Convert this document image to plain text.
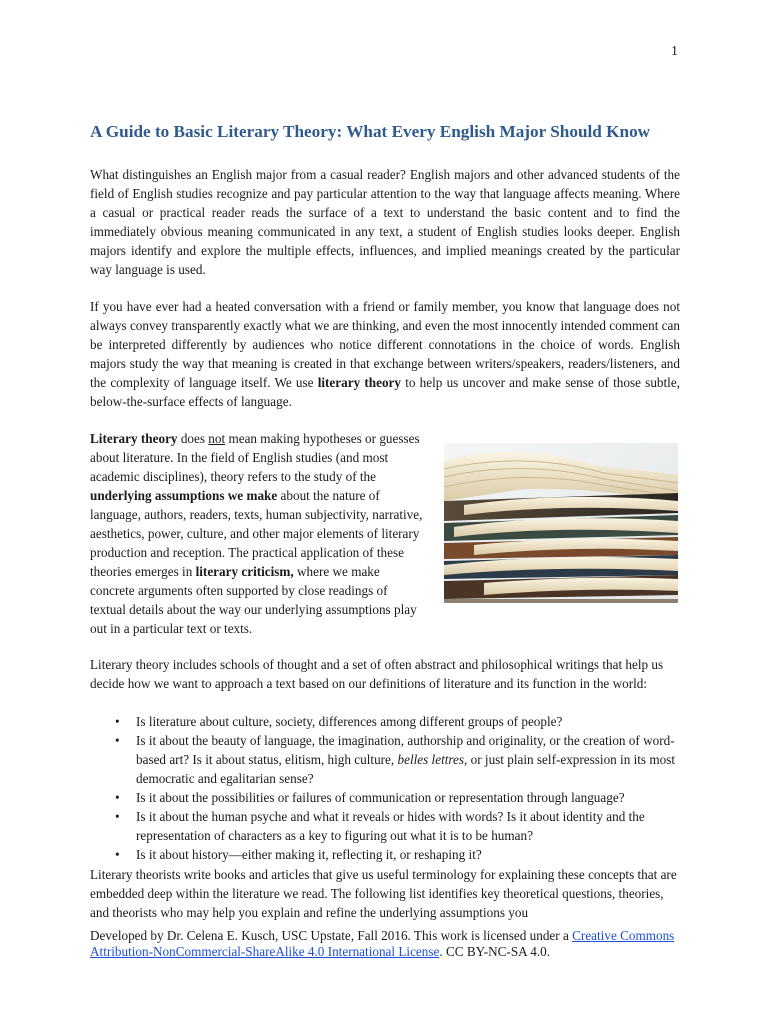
1
A Guide to Basic Literary Theory: What Every English Major Should Know

What distinguishes an English major from a casual reader? English majors and other advanced students of the field of English studies recognize and pay particular attention to the way that language affects meaning. Where a casual or practical reader reads the surface of a text to understand the basic content and to find the immediately obvious meaning communicated in any text, a student of English studies looks deeper. English majors identify and explore the multiple effects, influences, and implied meanings created by the particular way language is used.

If you have ever had a heated conversation with a friend or family member, you know that language does not always convey transparently exactly what we are thinking, and even the most innocently intended comment can be interpreted differently by audiences who notice different connotations in the choice of words. English majors study the way that meaning is created in that exchange between writers/speakers, readers/listeners, and the complexity of language itself. We use literary theory to help us uncover and make sense of those subtle, below-the-surface effects of language.

Literary theory does not mean making hypotheses or guesses about literature. In the field of English studies (and most academic disciplines), theory refers to the study of the underlying assumptions we make about the nature of language, authors, readers, texts, human subjectivity, narrative, aesthetics, power, culture, and other major elements of literary production and reception. The practical application of these theories emerges in literary criticism, where we make concrete arguments often supported by close readings of textual details about the way our underlying assumptions play out in a particular text or texts.

Literary theory includes schools of thought and a set of often abstract and philosophical writings that help us decide how we want to approach a text based on our definitions of literature and its function in the world:

• Is literature about culture, society, differences among different groups of people?
• Is it about the beauty of language, the imagination, authorship and originality, or the creation of word-based art? Is it about status, elitism, high culture, belles lettres, or just plain self-expression in its most democratic and egalitarian sense?
• Is it about the possibilities or failures of communication or representation through language?
• Is it about the human psyche and what it reveals or hides with words? Is it about identity and the representation of characters as a key to figuring out what it is to be human?
• Is it about history—either making it, reflecting it, or reshaping it?

Literary theorists write books and articles that give us useful terminology for explaining these concepts that are embedded deep within the literature we read. The following list identifies key theoretical questions, theories, and theorists who may help you explain and refine the underlying assumptions you

Developed by Dr. Celena E. Kusch, USC Upstate, Fall 2016. This work is licensed under a Creative Commons Attribution-NonCommercial-ShareAlike 4.0 International License. CC BY-NC-SA 4.0.
